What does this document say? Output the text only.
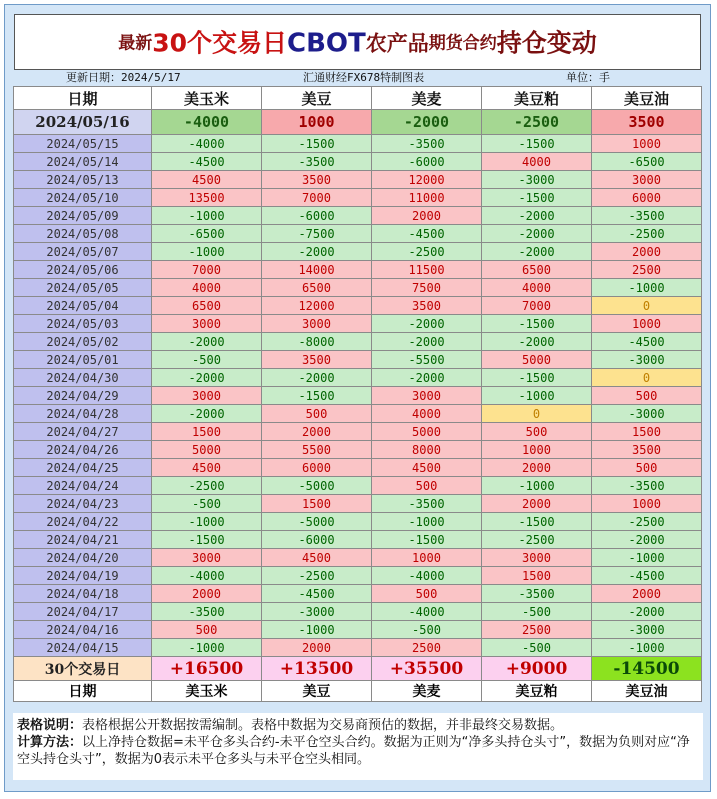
最新30个交易日CBOT农产品期货合约持仓变动
更新日期：2024/5/17	汇通财经FX678特制图表	单位：手
日期	美玉米	美豆	美麦	美豆粕	美豆油
2024/05/16	-4000	1000	-2000	-2500	3500
2024/05/15	-4000	-1500	-3500	-1500	1000
2024/05/14	-4500	-3500	-6000	4000	-6500
2024/05/13	4500	3500	12000	-3000	3000
2024/05/10	13500	7000	11000	-1500	6000
2024/05/09	-1000	-6000	2000	-2000	-3500
2024/05/08	-6500	-7500	-4500	-2000	-2500
2024/05/07	-1000	-2000	-2500	-2000	2000
2024/05/06	7000	14000	11500	6500	2500
2024/05/05	4000	6500	7500	4000	-1000
2024/05/04	6500	12000	3500	7000	0
2024/05/03	3000	3000	-2000	-1500	1000
2024/05/02	-2000	-8000	-2000	-2000	-4500
2024/05/01	-500	3500	-5500	5000	-3000
2024/04/30	-2000	-2000	-2000	-1500	0
2024/04/29	3000	-1500	3000	-1000	500
2024/04/28	-2000	500	4000	0	-3000
2024/04/27	1500	2000	5000	500	1500
2024/04/26	5000	5500	8000	1000	3500
2024/04/25	4500	6000	4500	2000	500
2024/04/24	-2500	-5000	500	-1000	-3500
2024/04/23	-500	1500	-3500	2000	1000
2024/04/22	-1000	-5000	-1000	-1500	-2500
2024/04/21	-1500	-6000	-1500	-2500	-2000
2024/04/20	3000	4500	1000	3000	-1000
2024/04/19	-4000	-2500	-4000	1500	-4500
2024/04/18	2000	-4500	500	-3500	2000
2024/04/17	-3500	-3000	-4000	-500	-2000
2024/04/16	500	-1000	-500	2500	-3000
2024/04/15	-1000	2000	2500	-500	-1000
30个交易日	+16500	+13500	+35500	+9000	-14500
日期	美玉米	美豆	美麦	美豆粕	美豆油
表格说明：表格根据公开数据按需编制。表格中数据为交易商预估的数据，并非最终交易数据。
计算方法：以上净持仓数据=未平仓多头合约-未平仓空头合约。数据为正则为“净多头持仓头寸”，数据为负则对应“净空头持仓头寸”，数据为0表示未平仓多头与未平仓空头相同。
